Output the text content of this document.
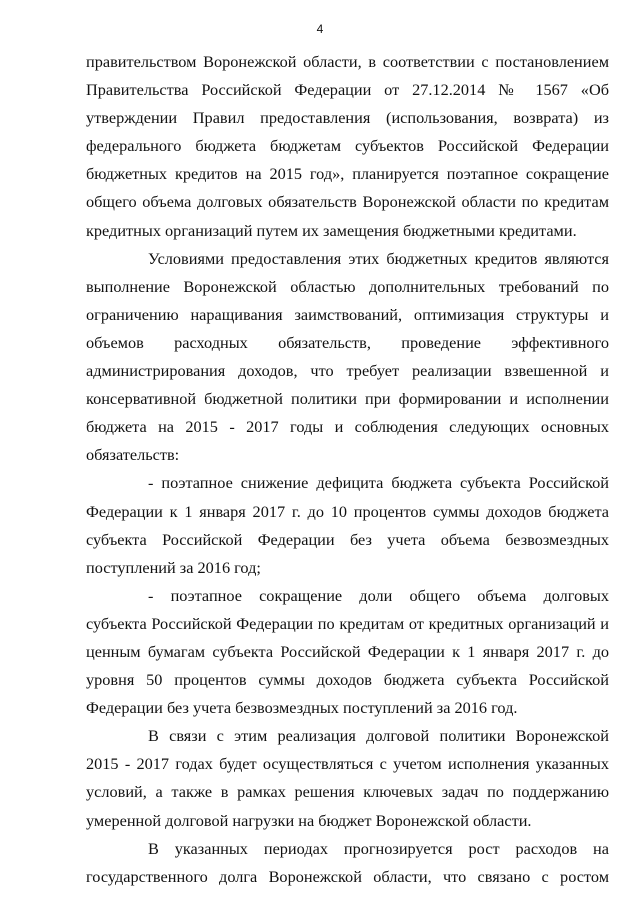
4
правительством Воронежской области, в соответствии с постановлением
Правительства Российской Федерации от 27.12.2014 № 1567 «Об
утверждении Правил предоставления (использования, возврата) из
федерального бюджета бюджетам субъектов Российской Федерации
бюджетных кредитов на 2015 год», планируется поэтапное сокращение
общего объема долговых обязательств Воронежской области по кредитам
кредитных организаций путем их замещения бюджетными кредитами.
Условиями предоставления этих бюджетных кредитов являются
выполнение Воронежской областью дополнительных требований по
ограничению наращивания заимствований, оптимизация структуры и
объемов расходных обязательств, проведение эффективного
администрирования доходов, что требует реализации взвешенной и
консервативной бюджетной политики при формировании и исполнении
бюджета на 2015 - 2017 годы и соблюдения следующих основных
обязательств:
- поэтапное снижение дефицита бюджета субъекта Российской
Федерации к 1 января 2017 г. до 10 процентов суммы доходов бюджета
субъекта Российской Федерации без учета объема безвозмездных
поступлений за 2016 год;
- поэтапное сокращение доли общего объема долговых
субъекта Российской Федерации по кредитам от кредитных организаций и
ценным бумагам субъекта Российской Федерации к 1 января 2017 г. до
уровня 50 процентов суммы доходов бюджета субъекта Российской
Федерации без учета безвозмездных поступлений за 2016 год.
В связи с этим реализация долговой политики Воронежской
2015 - 2017 годах будет осуществляться с учетом исполнения указанных
условий, а также в рамках решения ключевых задач по поддержанию
умеренной долговой нагрузки на бюджет Воронежской области.
В указанных периодах прогнозируется рост расходов на
государственного долга Воронежской области, что связано с ростом
